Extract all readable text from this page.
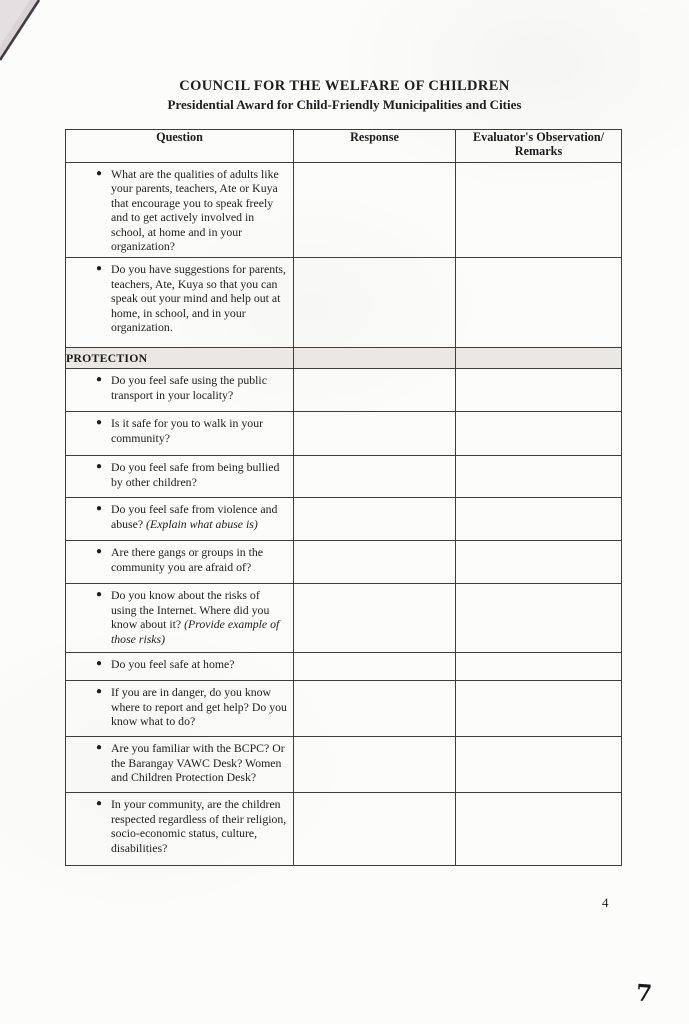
COUNCIL FOR THE WELFARE OF CHILDREN
Presidential Award for Child-Friendly Municipalities and Cities
Question	Response	Evaluator's Observation/ Remarks

● What are the qualities of adults like your parents, teachers, Ate or Kuya that encourage you to speak freely and to get actively involved in school, at home and in your organization?		

● Do you have suggestions for parents, teachers, Ate, Kuya so that you can speak out your mind and help out at home, in school, and in your organization.		

PROTECTION		

● Do you feel safe using the public transport in your locality?		

● Is it safe for you to walk in your community?		

● Do you feel safe from being bullied by other children?		

● Do you feel safe from violence and abuse? (Explain what abuse is)		

● Are there gangs or groups in the community you are afraid of?		

● Do you know about the risks of using the Internet. Where did you know about it? (Provide example of those risks)		

● Do you feel safe at home?		

● If you are in danger, do you know where to report and get help? Do you know what to do?		

● Are you familiar with the BCPC? Or the Barangay VAWC Desk? Women and Children Protection Desk?		

● In your community, are the children respected regardless of their religion, socio-economic status, culture, disabilities?		

4
7
